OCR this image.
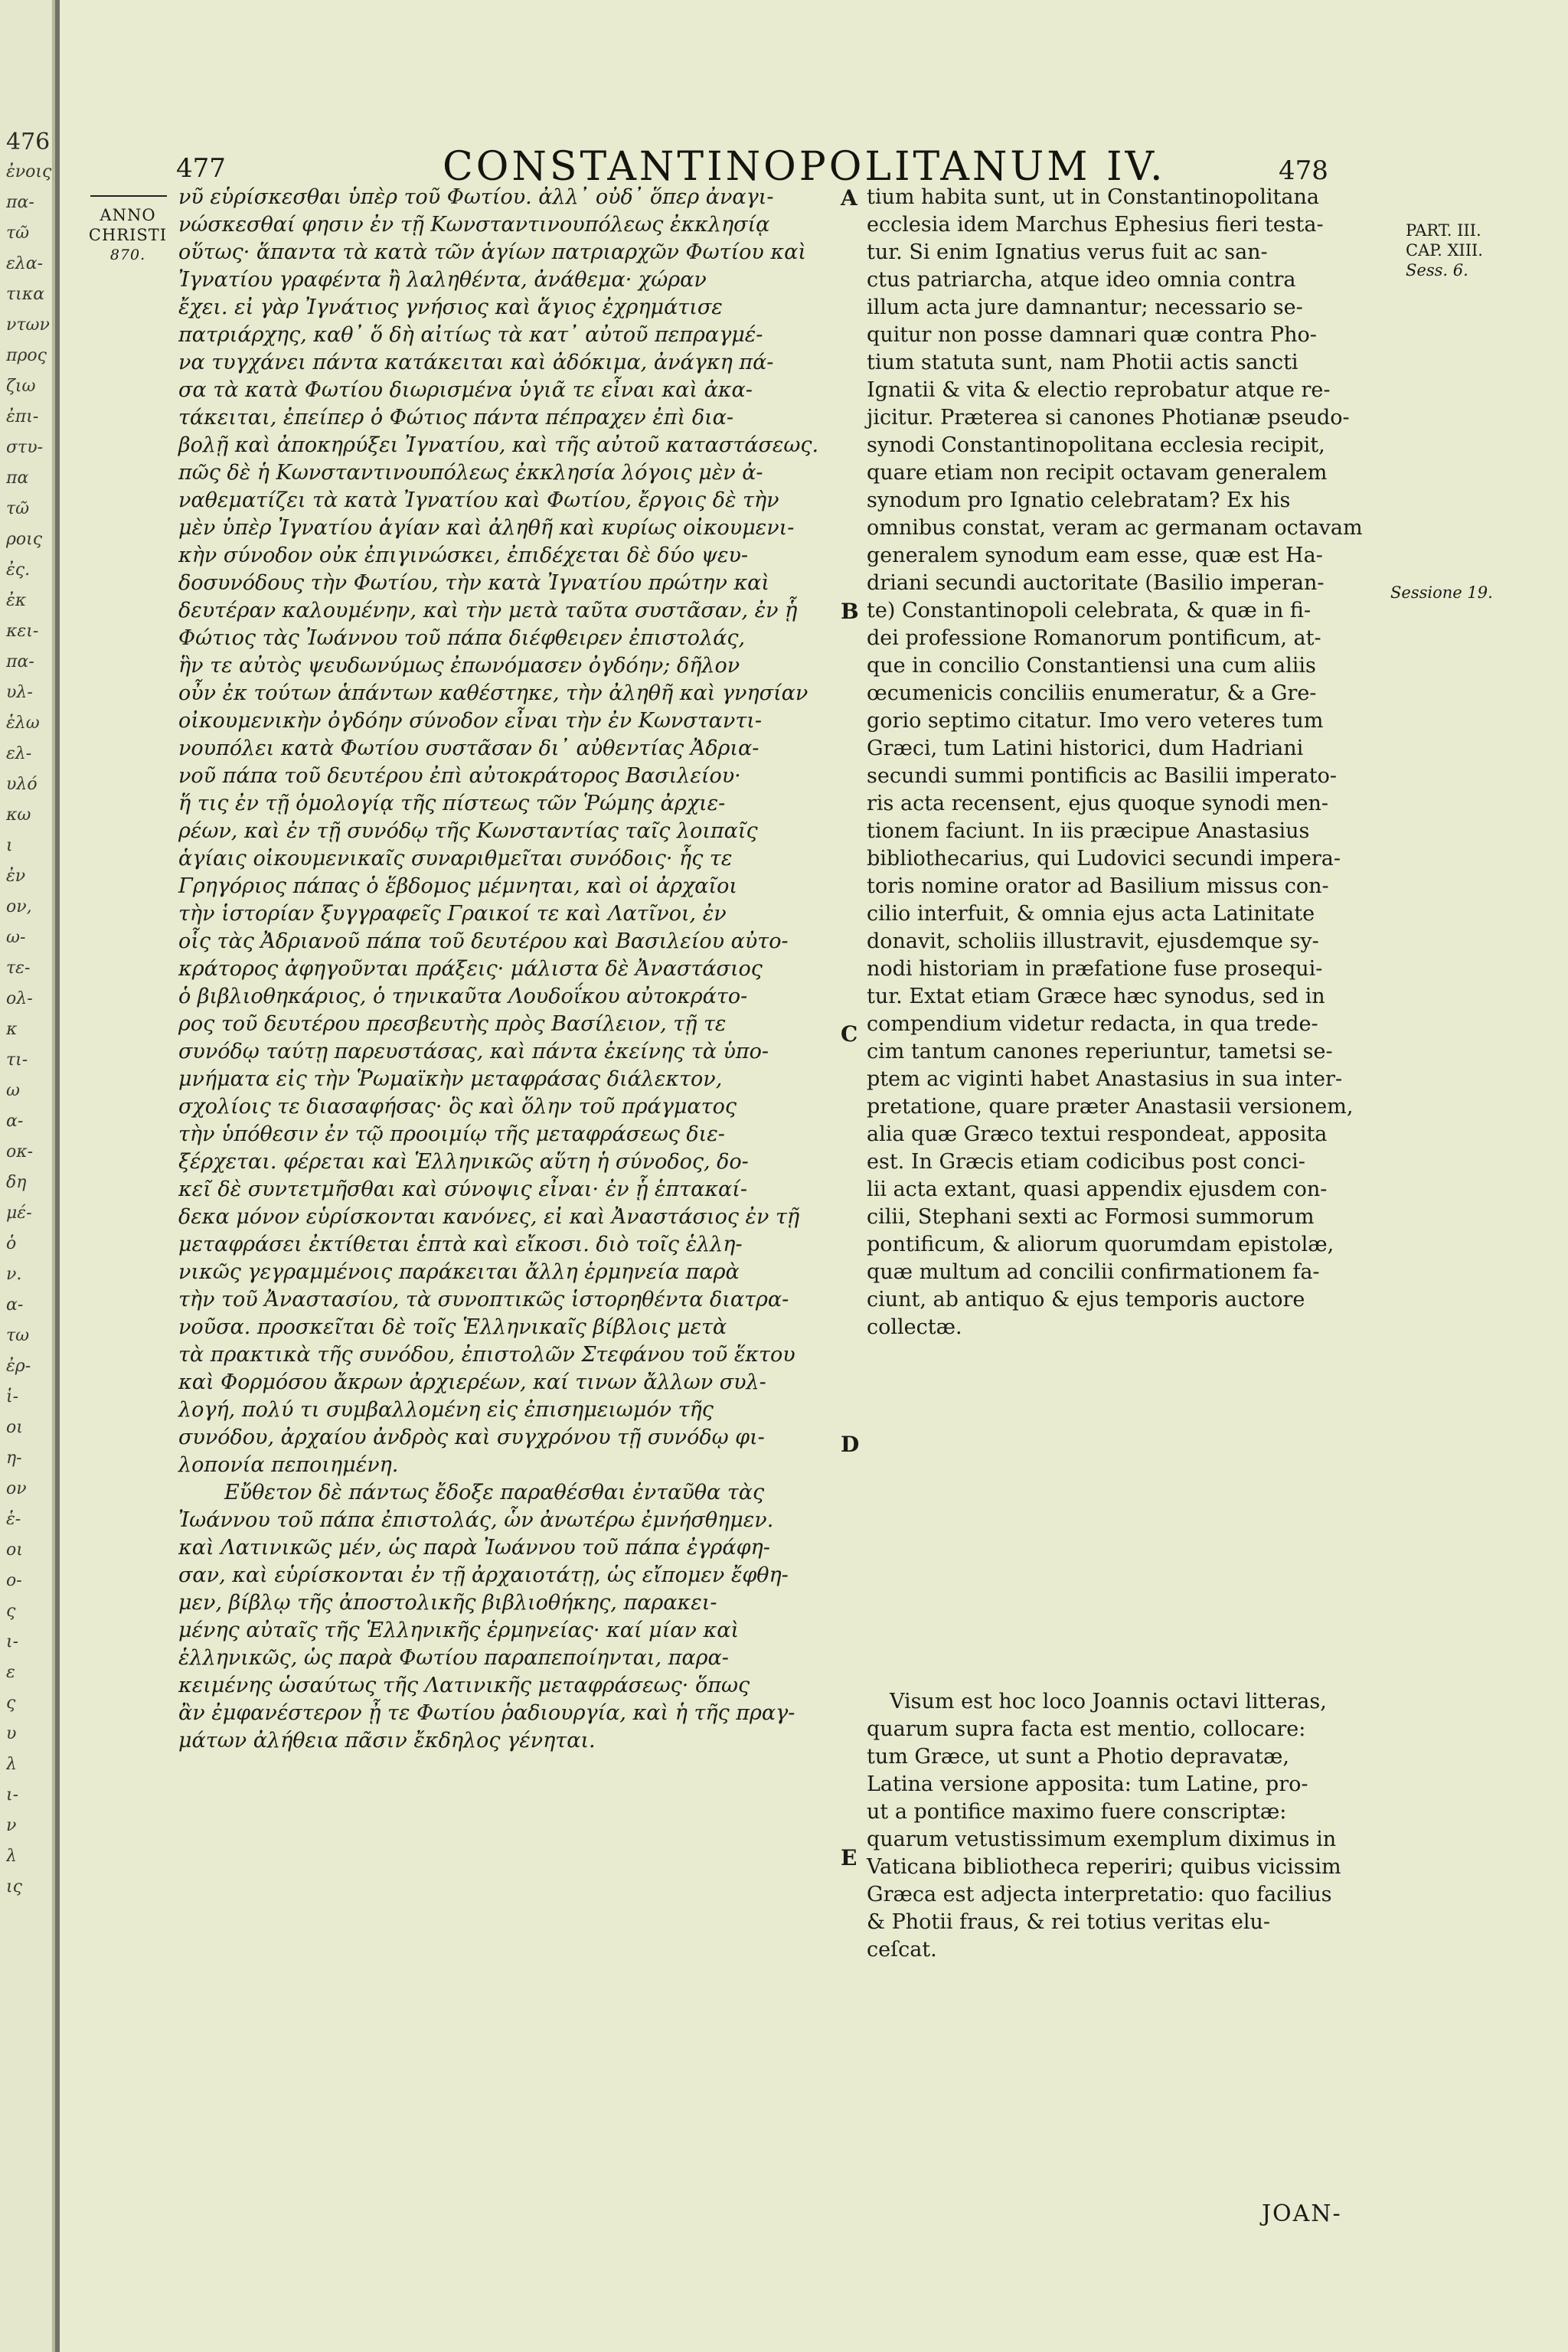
476
ἐνοις
πα-
τῶ
ελα-
τικα
ντων
προς
ζιω
ἐπι-
στυ-
πα
τῶ
ροις
ἐς.
ἐκ
κει-
πα-
υλ-
ἑλω
ελ-
υλό
κω
ι
ἐν
ον,
ω-
τε-
ολ-
κ
τι-
ω
α-
οκ-
δη
μέ-
ὁ
ν.
α-
τω
ἐρ-
ἱ-
οι
η-
ον
ἑ-
οι
ο-
ς
ι-
ε
ς
υ
λ
ι-
ν
λ
ις
477	CONSTANTINOPOLITANUM IV.	478
ANNO
CHRISTI
870.

νῦ εὑρίσκεσθαι ὑπὲρ τοῦ Φωτίου. ἀλλ᾽ οὐδ᾽ ὅπερ ἀναγι-

νώσκεσθαί φησιν ἐν τῇ Κωνσταντινουπόλεως ἐκκλησίᾳ

οὕτως· ἅπαντα τὰ κατὰ τῶν ἁγίων πατριαρχῶν Φωτίου καὶ

Ἰγνατίου γραφέντα ἢ λαληθέντα, ἀνάθεμα· χώραν

ἔχει. εἰ γὰρ Ἰγνάτιος γνήσιος καὶ ἅγιος ἐχρημάτισε

πατριάρχης, καθ᾽ ὅ δὴ αἰτίως τὰ κατ᾽ αὐτοῦ πεπραγμέ-

να τυγχάνει πάντα κατάκειται καὶ ἀδόκιμα, ἀνάγκη πά-

σα τὰ κατὰ Φωτίου διωρισμένα ὑγιᾶ τε εἶναι καὶ ἀκα-

τάκειται, ἐπείπερ ὁ Φώτιος πάντα πέπραχεν ἐπὶ δια-

βολῇ καὶ ἀποκηρύξει Ἰγνατίου, καὶ τῆς αὐτοῦ καταστάσεως.

πῶς δὲ ἡ Κωνσταντινουπόλεως ἐκκλησία λόγοις μὲν ἀ-

ναθεματίζει τὰ κατὰ Ἰγνατίου καὶ Φωτίου, ἔργοις δὲ τὴν

μὲν ὑπὲρ Ἰγνατίου ἁγίαν καὶ ἀληθῆ καὶ κυρίως οἰκουμενι-

κὴν σύνοδον οὐκ ἐπιγινώσκει, ἐπιδέχεται δὲ δύο ψευ-

δοσυνόδους τὴν Φωτίου, τὴν κατὰ Ἰγνατίου πρώτην καὶ

δευτέραν καλουμένην, καὶ τὴν μετὰ ταῦτα συστᾶσαν, ἐν ᾗ

Φώτιος τὰς Ἰωάννου τοῦ πάπα διέφθειρεν ἐπιστολάς,

ἣν τε αὐτὸς ψευδωνύμως ἐπωνόμασεν ὀγδόην; δῆλον

οὖν ἐκ τούτων ἁπάντων καθέστηκε, τὴν ἀληθῆ καὶ γνησίαν

οἰκουμενικὴν ὀγδόην σύνοδον εἶναι τὴν ἐν Κωνσταντι-

νουπόλει κατὰ Φωτίου συστᾶσαν δι᾽ αὐθεντίας Ἀδρια-

νοῦ πάπα τοῦ δευτέρου ἐπὶ αὐτοκράτορος Βασιλείου·

ἥ τις ἐν τῇ ὁμολογίᾳ τῆς πίστεως τῶν Ῥώμης ἀρχιε-

ρέων, καὶ ἐν τῇ συνόδῳ τῆς Κωνσταντίας ταῖς λοιπαῖς

ἁγίαις οἰκουμενικαῖς συναριθμεῖται συνόδοις· ἧς τε

Γρηγόριος πάπας ὁ ἕβδομος μέμνηται, καὶ οἱ ἀρχαῖοι

τὴν ἱστορίαν ξυγγραφεῖς Γραικοί τε καὶ Λατῖνοι, ἐν

οἷς τὰς Ἀδριανοῦ πάπα τοῦ δευτέρου καὶ Βασιλείου αὐτο-

κράτορος ἀφηγοῦνται πράξεις· μάλιστα δὲ Ἀναστάσιος

ὁ βιβλιοθηκάριος, ὁ τηνικαῦτα Λουδοΐκου αὐτοκράτο-

ρος τοῦ δευτέρου πρεσβευτὴς πρὸς Βασίλειον, τῇ τε

συνόδῳ ταύτῃ παρευστάσας, καὶ πάντα ἐκείνης τὰ ὑπο-

μνήματα εἰς τὴν Ῥωμαϊκὴν μεταφράσας διάλεκτον,

σχολίοις τε διασαφήσας· ὃς καὶ ὅλην τοῦ πράγματος

τὴν ὑπόθεσιν ἐν τῷ προοιμίῳ τῆς μεταφράσεως διε-

ξέρχεται. φέρεται καὶ Ἑλληνικῶς αὕτη ἡ σύνοδος, δο-

κεῖ δὲ συντετμῆσθαι καὶ σύνοψις εἶναι· ἐν ᾗ ἑπτακαί-

δεκα μόνον εὑρίσκονται κανόνες, εἰ καὶ Ἀναστάσιος ἐν τῇ

μεταφράσει ἐκτίθεται ἑπτὰ καὶ εἴκοσι. διὸ τοῖς ἑλλη-

νικῶς γεγραμμένοις παράκειται ἄλλη ἑρμηνεία παρὰ

τὴν τοῦ Ἀναστασίου, τὰ συνοπτικῶς ἱστορηθέντα διατρα-

νοῦσα. προσκεῖται δὲ τοῖς Ἑλληνικαῖς βίβλοις μετὰ

τὰ πρακτικὰ τῆς συνόδου, ἐπιστολῶν Στεφάνου τοῦ ἕκτου

καὶ Φορμόσου ἄκρων ἀρχιερέων, καί τινων ἄλλων συλ-

λογή, πολύ τι συμβαλλομένη εἰς ἐπισημειωμόν τῆς

συνόδου, ἀρχαίου ἀνδρὸς καὶ συγχρόνου τῇ συνόδῳ φι-

λοπονία πεποιημένη.

Εὔθετον δὲ πάντως ἔδοξε παραθέσθαι ἐνταῦθα τὰς

Ἰωάννου τοῦ πάπα ἐπιστολάς, ὧν ἀνωτέρω ἐμνήσθημεν.

καὶ Λατινικῶς μέν, ὡς παρὰ Ἰωάννου τοῦ πάπα ἐγράφη-

σαν, καὶ εὑρίσκονται ἐν τῇ ἀρχαιοτάτῃ, ὡς εἴπομεν ἔφθη-

μεν, βίβλῳ τῆς ἀποστολικῆς βιβλιοθήκης, παρακει-

μένης αὐταῖς τῆς Ἑλληνικῆς ἑρμηνείας· καί μίαν καὶ

ἑλληνικῶς, ὡς παρὰ Φωτίου παραπεποίηνται, παρα-

κειμένης ὡσαύτως τῆς Λατινικῆς μεταφράσεως· ὅπως

ἂν ἐμφανέστερον ᾖ τε Φωτίου ῥαδιουργία, καὶ ἡ τῆς πραγ-

μάτων ἀλήθεια πᾶσιν ἔκδηλος γένηται.

tium habita sunt, ut in Constantinopolitana

ecclesia idem Marchus Ephesius fieri testa-

tur. Si enim Ignatius verus fuit ac san-

ctus patriarcha, atque ideo omnia contra

illum acta jure damnantur; necessario se-

quitur non posse damnari quæ contra Pho-

tium statuta sunt, nam Photii actis sancti

Ignatii & vita & electio reprobatur atque re-

jicitur. Præterea si canones Photianæ pseudo-

synodi Constantinopolitana ecclesia recipit,

quare etiam non recipit octavam generalem

synodum pro Ignatio celebratam? Ex his

omnibus constat, veram ac germanam octavam

generalem synodum eam esse, quæ est Ha-

driani secundi auctoritate (Basilio imperan-

te) Constantinopoli celebrata, & quæ in fi-

dei professione Romanorum pontificum, at-

que in concilio Constantiensi una cum aliis

œcumenicis conciliis enumeratur, & a Gre-

gorio septimo citatur. Imo vero veteres tum

Græci, tum Latini historici, dum Hadriani

secundi summi pontificis ac Basilii imperato-

ris acta recensent, ejus quoque synodi men-

tionem faciunt. In iis præcipue Anastasius

bibliothecarius, qui Ludovici secundi impera-

toris nomine orator ad Basilium missus con-

cilio interfuit, & omnia ejus acta Latinitate

donavit, scholiis illustravit, ejusdemque sy-

nodi historiam in præfatione fuse prosequi-

tur. Extat etiam Græce hæc synodus, sed in

compendium videtur redacta, in qua trede-

cim tantum canones reperiuntur, tametsi se-

ptem ac viginti habet Anastasius in sua inter-

pretatione, quare præter Anastasii versionem,

alia quæ Græco textui respondeat, apposita

est. In Græcis etiam codicibus post conci-

lii acta extant, quasi appendix ejusdem con-

cilii, Stephani sexti ac Formosi summorum

pontificum, & aliorum quorumdam epistolæ,

quæ multum ad concilii confirmationem fa-

ciunt, ab antiquo & ejus temporis auctore

collectæ.

Visum est hoc loco Joannis octavi litteras,

quarum supra facta est mentio, collocare:

tum Græce, ut sunt a Photio depravatæ,

Latina versione apposita: tum Latine, pro-

ut a pontifice maximo fuere conscriptæ:

quarum vetustissimum exemplum diximus in

Vaticana bibliotheca reperiri; quibus vicissim

Græca est adjecta interpretatio: quo facilius

& Photii fraus, & rei totius veritas elu-

ceſcat.

A
B
C
D
E
PART. III.
CAP. XIII.
Sess. 6.
Sessione 19.
JOAN-
